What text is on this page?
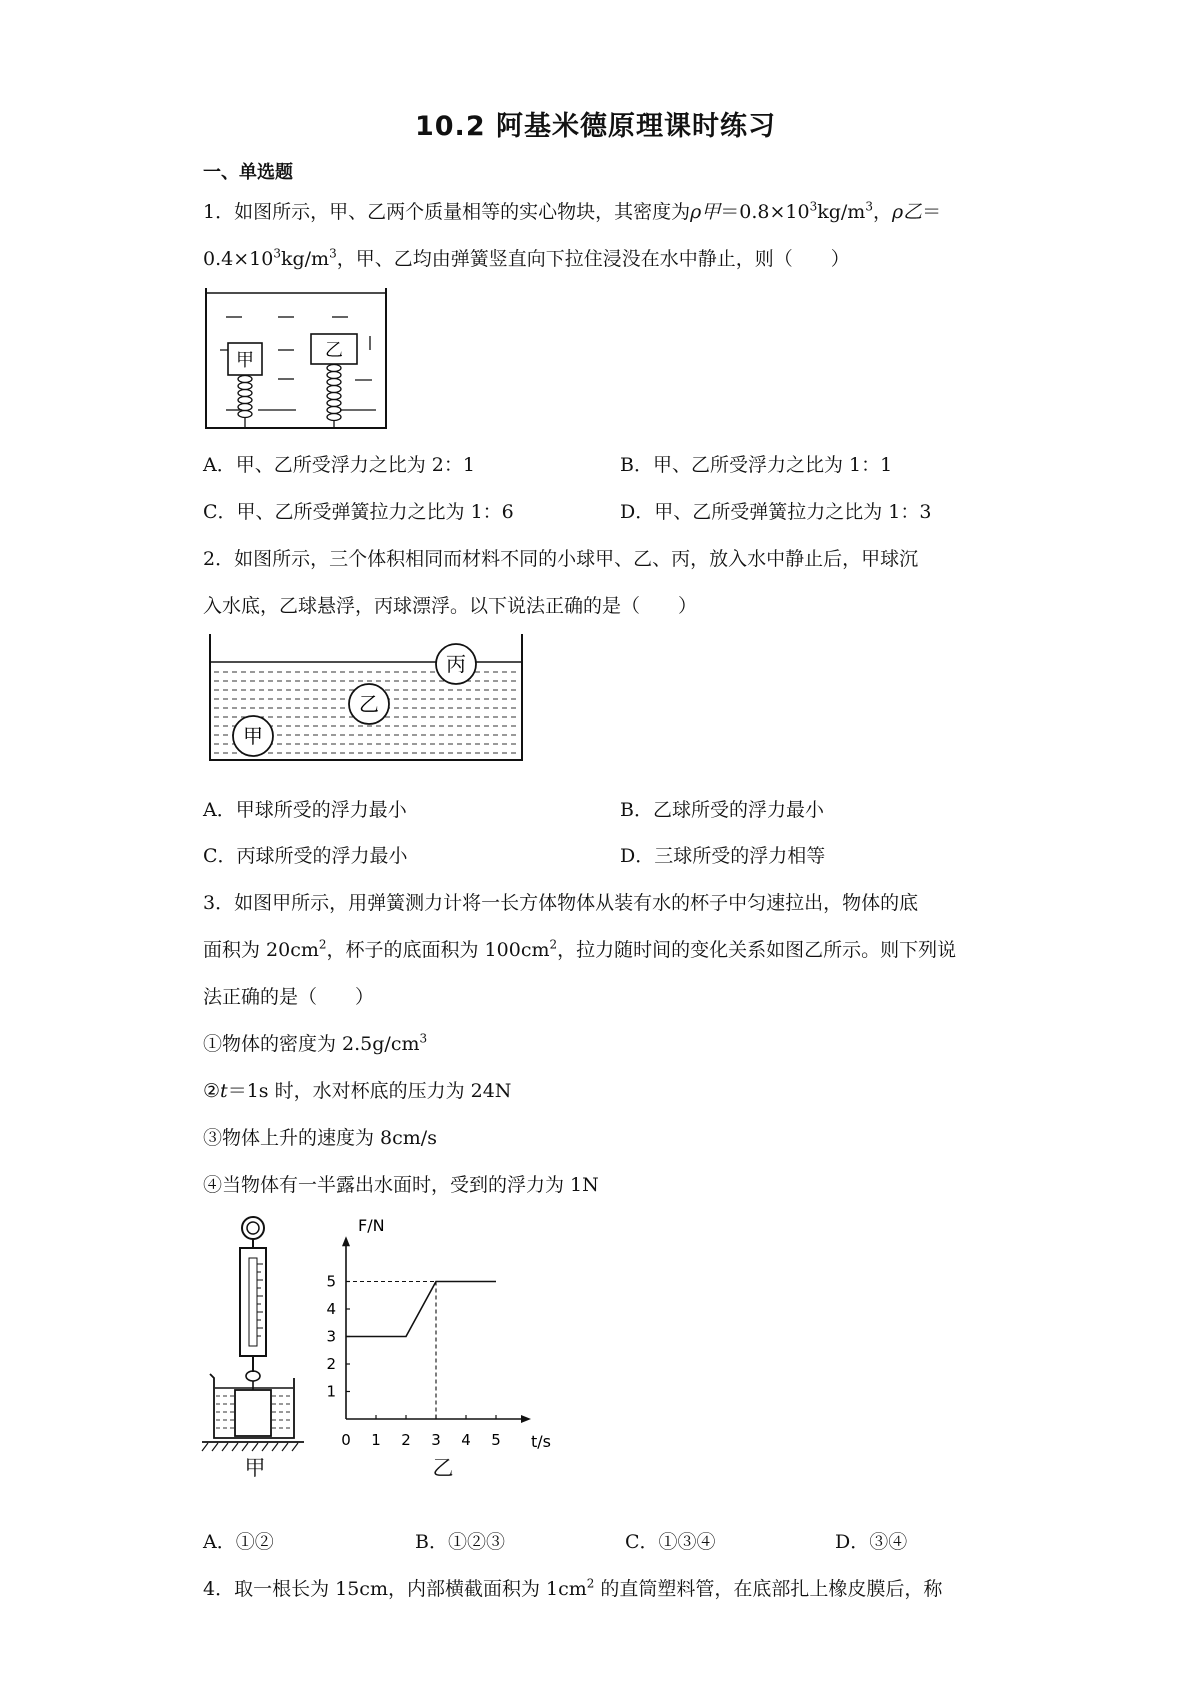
10.2 阿基米德原理课时练习
一、单选题
1．如图所示，甲、乙两个质量相等的实心物块，其密度为ρ甲$=0.8\times 10^3kg/m^3$，ρ乙＝
$0.4\times 10^3kg/m^3$，甲、乙均由弹簧竖直向下拉住浸没在水中静止，则（　　）
甲	乙
A．甲、乙所受浮力之比为 2：1	B．甲、乙所受浮力之比为 1：1
C．甲、乙所受弹簧拉力之比为 1：6	D．甲、乙所受弹簧拉力之比为 1：3
2．如图所示，三个体积相同而材料不同的小球甲、乙、丙，放入水中静止后，甲球沉
入水底，乙球悬浮，丙球漂浮。以下说法正确的是（　　）
甲
乙
丙
A．甲球所受的浮力最小	B．乙球所受的浮力最小
C．丙球所受的浮力最小	D．三球所受的浮力相等
3．如图甲所示，用弹簧测力计将一长方体物体从装有水的杯子中匀速拉出，物体的底
面积为 $20cm^2$，杯子的底面积为 $100cm^2$，拉力随时间的变化关系如图乙所示。则下列说
法正确的是（　　）
①物体的密度为 $2.5g/cm^3$
②t＝1s 时，水对杯底的压力为 24N
③物体上升的速度为 8cm/s
④当物体有一半露出水面时，受到的浮力为 1N
甲
0 1 2 3 4 5
1
2
3
4
5
F/N
t/s
乙
A．①②	B．①②③	C．①③④	D．③④
4．取一根长为 15cm，内部横截面积为 $1cm^2$ 的直筒塑料管，在底部扎上橡皮膜后，称
